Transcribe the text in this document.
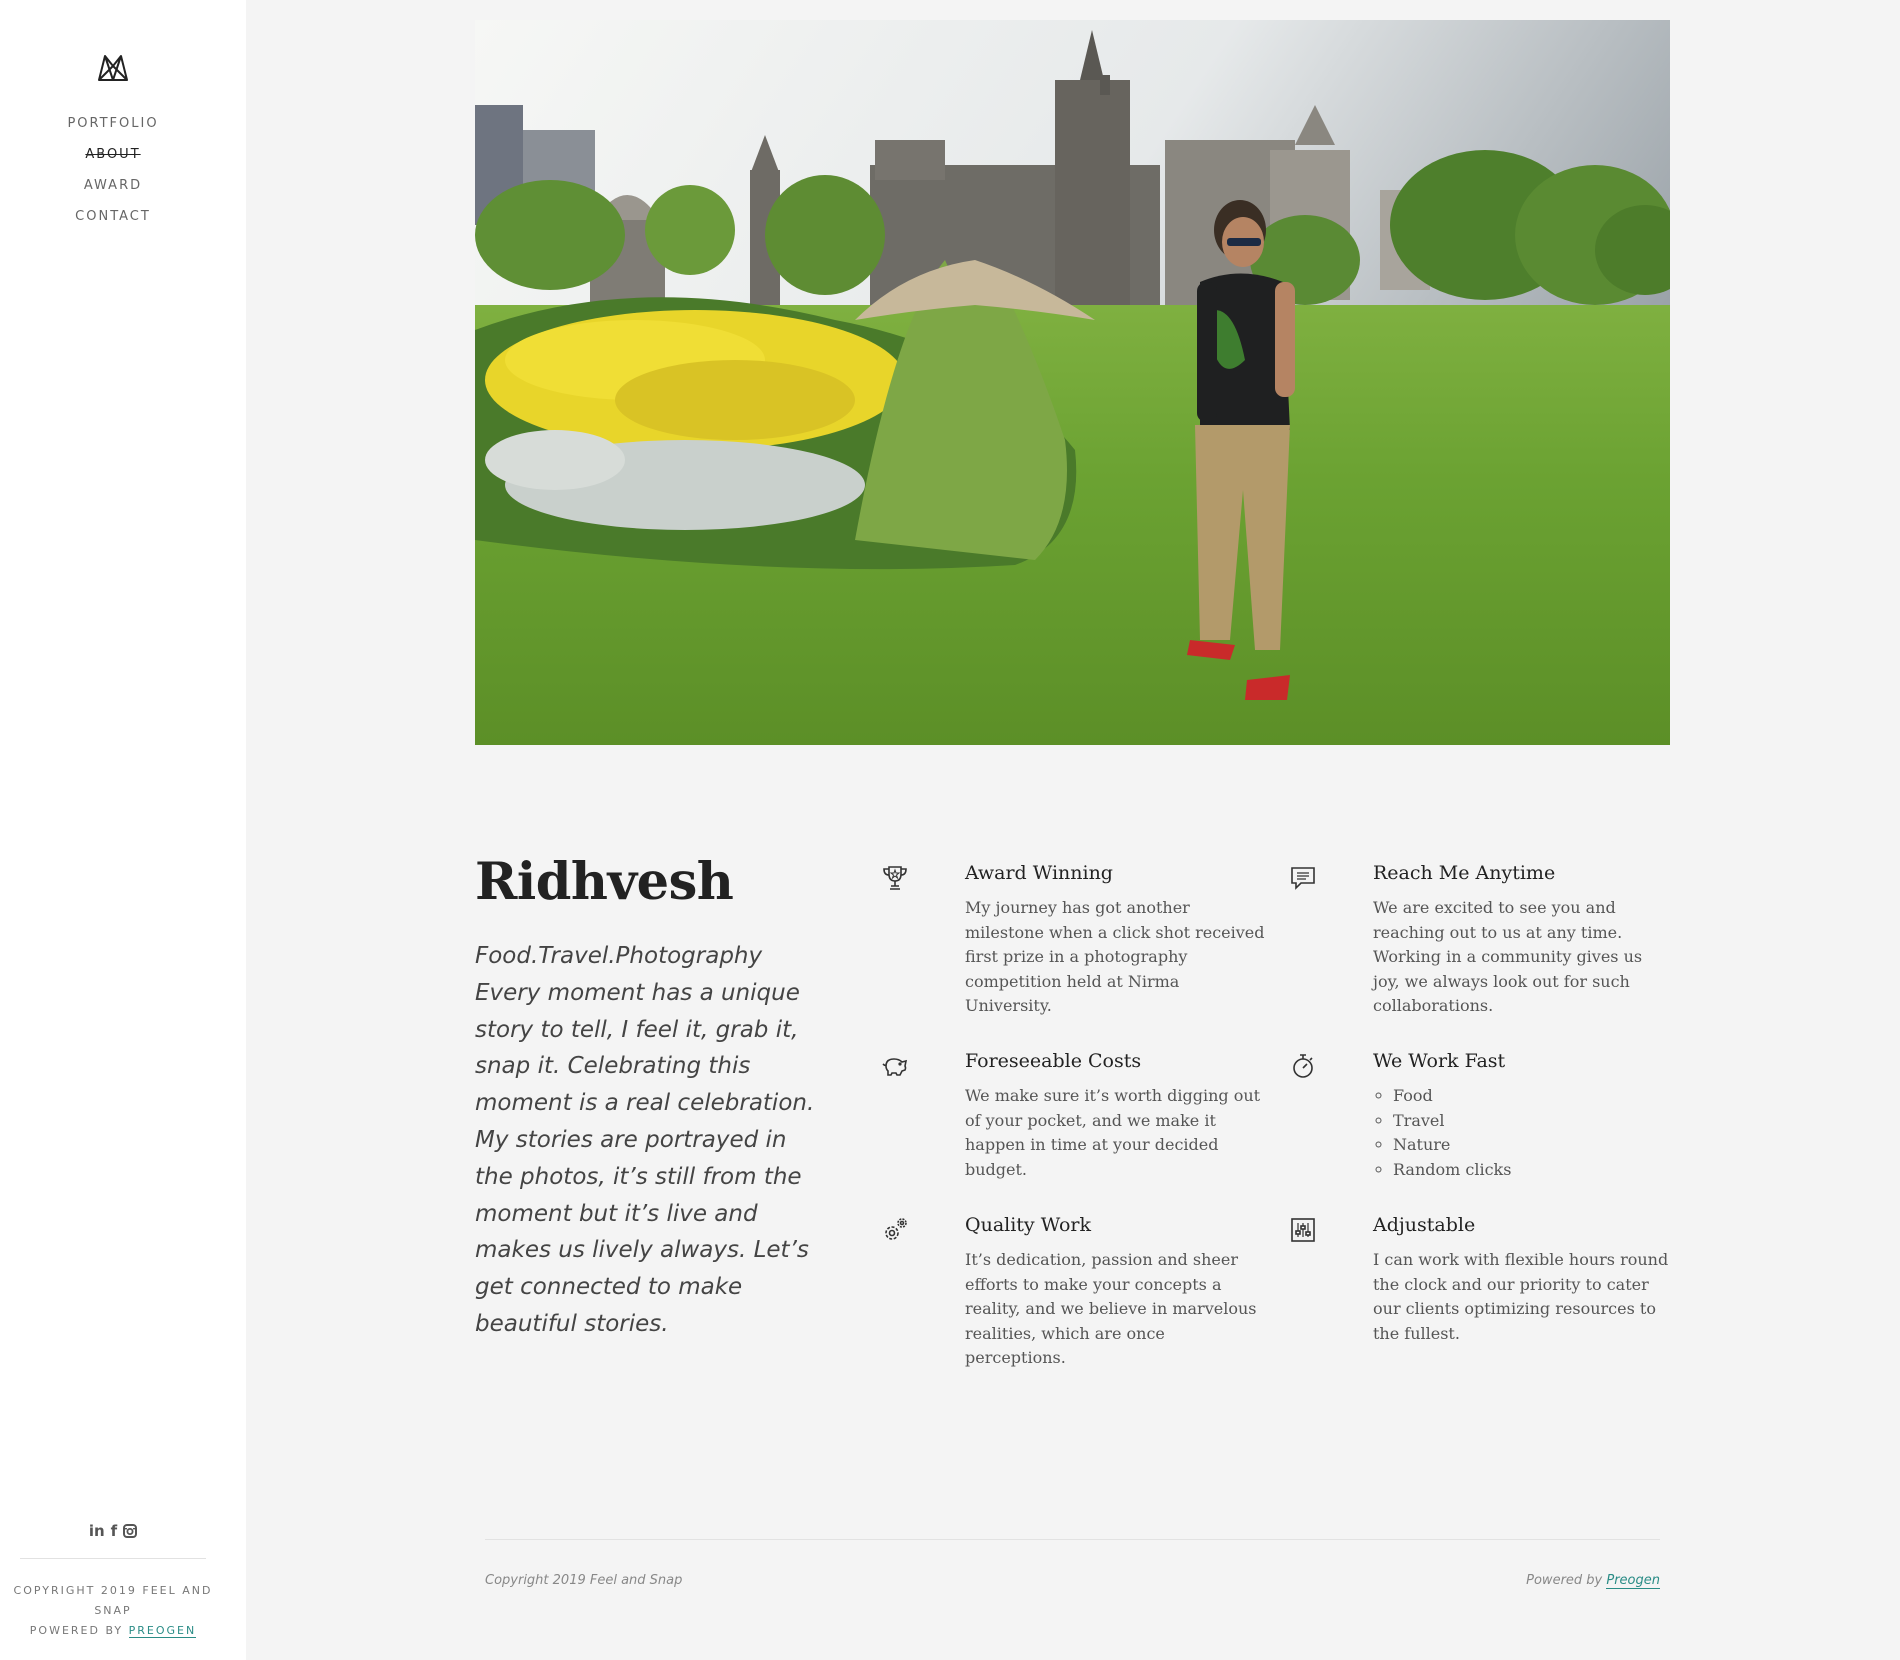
PORTFOLIO
ABOUT
AWARD
CONTACT
in f
COPYRIGHT 2019 FEEL AND SNAP
POWERED BY PREOGEN
Ridhvesh

Food.Travel.Photography

Every moment has a unique story to tell, I feel it, grab it, snap it. Celebrating this moment is a real celebration. My stories are portrayed in the photos, it’s still from the moment but it’s live and makes us lively always. Let’s get connected to make beautiful stories.

Award Winning

My journey has got another milestone when a click shot received first prize in a photography competition held at Nirma University.

Reach Me Anytime

We are excited to see you and reaching out to us at any time. Working in a community gives us joy, we always look out for such collaborations.

Foreseeable Costs

We make sure it’s worth digging out of your pocket, and we make it happen in time at your decided budget.

We Work Fast
◦ Food
◦ Travel
◦ Nature
◦ Random clicks
Quality Work

It’s dedication, passion and sheer efforts to make your concepts a reality, and we believe in marvelous realities, which are once perceptions.

Adjustable

I can work with flexible hours round the clock and our priority to cater our clients optimizing resources to the fullest.

Copyright 2019 Feel and Snap	Powered by Preogen
